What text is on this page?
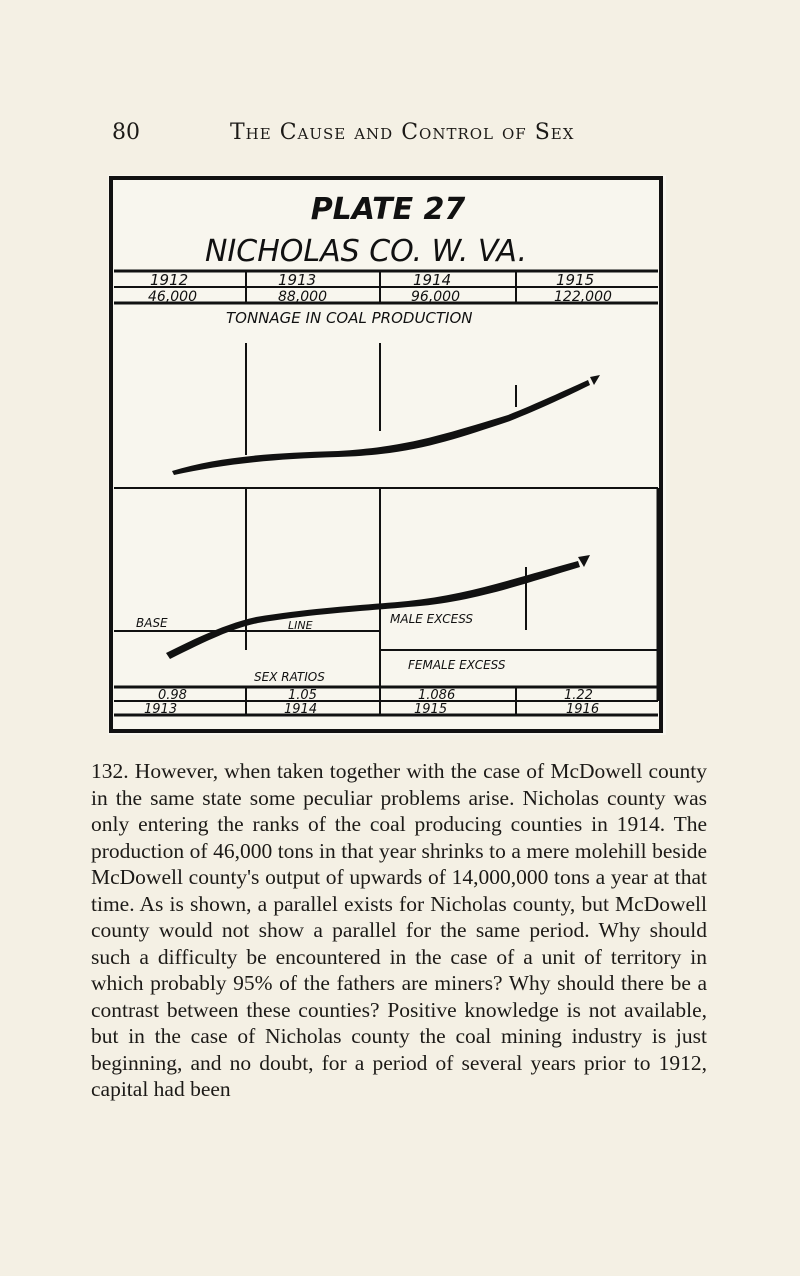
80	The Cause and Control of Sex
PLATE 27
NICHOLAS CO. W. VA.
1912	1913	1914	1915
46,000	88,000	96,000	122,000
TONNAGE IN COAL PRODUCTION
BASE	LINE	MALE EXCESS
FEMALE EXCESS
SEX RATIOS
0.98	1.05	1.086	1.22
1913	1914	1915	1916

132. However, when taken together with the case of McDowell county in the same state some peculiar problems arise. Nicholas county was only entering the ranks of the coal producing counties in 1914. The production of 46,000 tons in that year shrinks to a mere molehill beside McDowell county's output of upwards of 14,000,000 tons a year at that time. As is shown, a parallel exists for Nicholas county, but McDowell county would not show a parallel for the same period. Why should such a difficulty be encountered in the case of a unit of territory in which probably 95% of the fathers are miners? Why should there be a contrast between these counties? Positive knowledge is not available, but in the case of Nicholas county the coal mining industry is just beginning, and no doubt, for a period of several years prior to 1912, capital had been
